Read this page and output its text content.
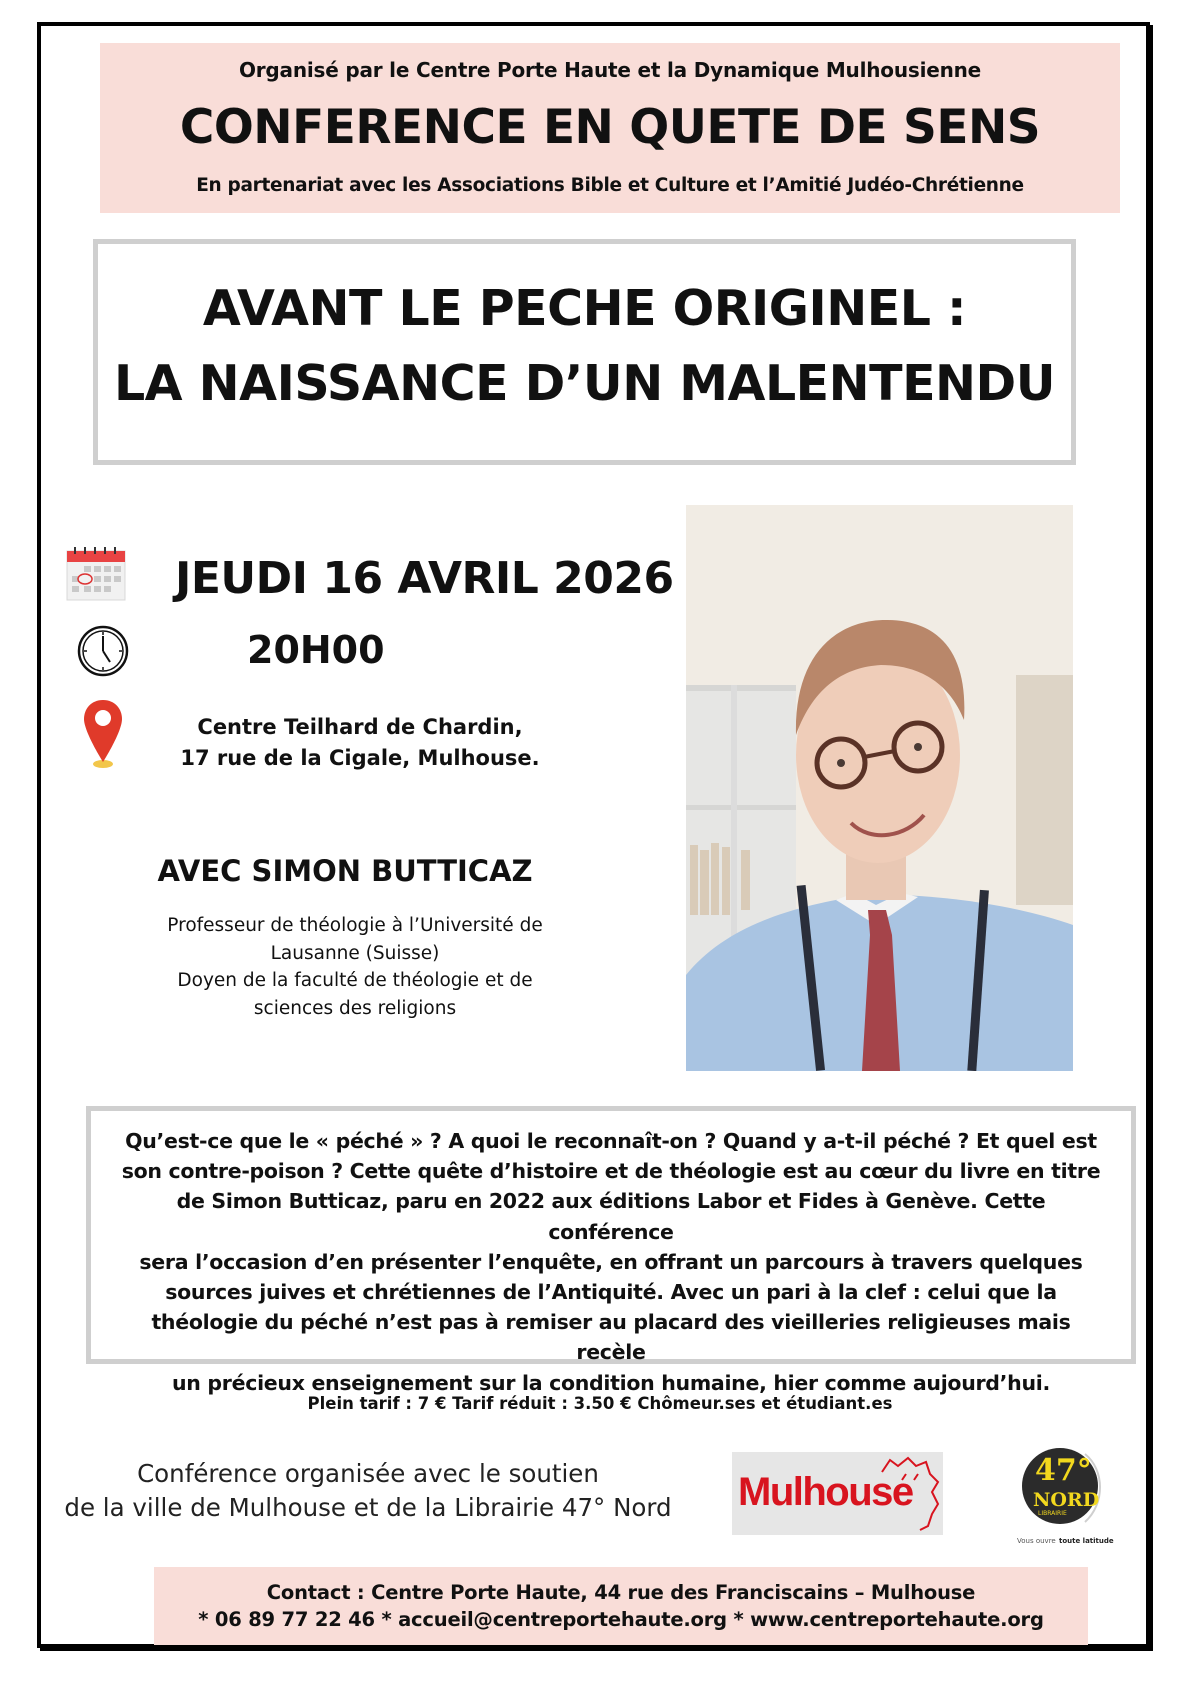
Organisé par le Centre Porte Haute et la Dynamique Mulhousienne
CONFERENCE EN QUETE DE SENS
En partenariat avec les Associations Bible et Culture et l’Amitié Judéo-Chrétienne
AVANT LE PECHE ORIGINEL :
LA NAISSANCE D’UN MALENTENDU
JEUDI 16 AVRIL 2026
20H00
Centre Teilhard de Chardin,
17 rue de la Cigale, Mulhouse.
AVEC SIMON BUTTICAZ
Professeur de théologie à l’Université de
Lausanne (Suisse)
Doyen de la faculté de théologie et de
sciences des religions
Qu’est-ce que le « péché » ? A quoi le reconnaît-on ? Quand y a-t-il péché ? Et quel est
son contre-poison ? Cette quête d’histoire et de théologie est au cœur du livre en titre
de Simon Butticaz, paru en 2022 aux éditions Labor et Fides à Genève. Cette conférence
sera l’occasion d’en présenter l’enquête, en offrant un parcours à travers quelques
sources juives et chrétiennes de l’Antiquité. Avec un pari à la clef : celui que la
théologie du péché n’est pas à remiser au placard des vieilleries religieuses mais recèle
un précieux enseignement sur la condition humaine, hier comme aujourd’hui.
Plein tarif : 7 € Tarif réduit : 3.50 € Chômeur.ses et étudiant.es
Conférence organisée avec le soutien
de la ville de Mulhouse et de la Librairie 47° Nord Mulhouse	47°
NORD
LIBRAIRIE
Vous ouvre toute latitude
Contact : Centre Porte Haute, 44 rue des Franciscains – Mulhouse
* 06 89 77 22 46 * accueil@centreportehaute.org * www.centreportehaute.org
